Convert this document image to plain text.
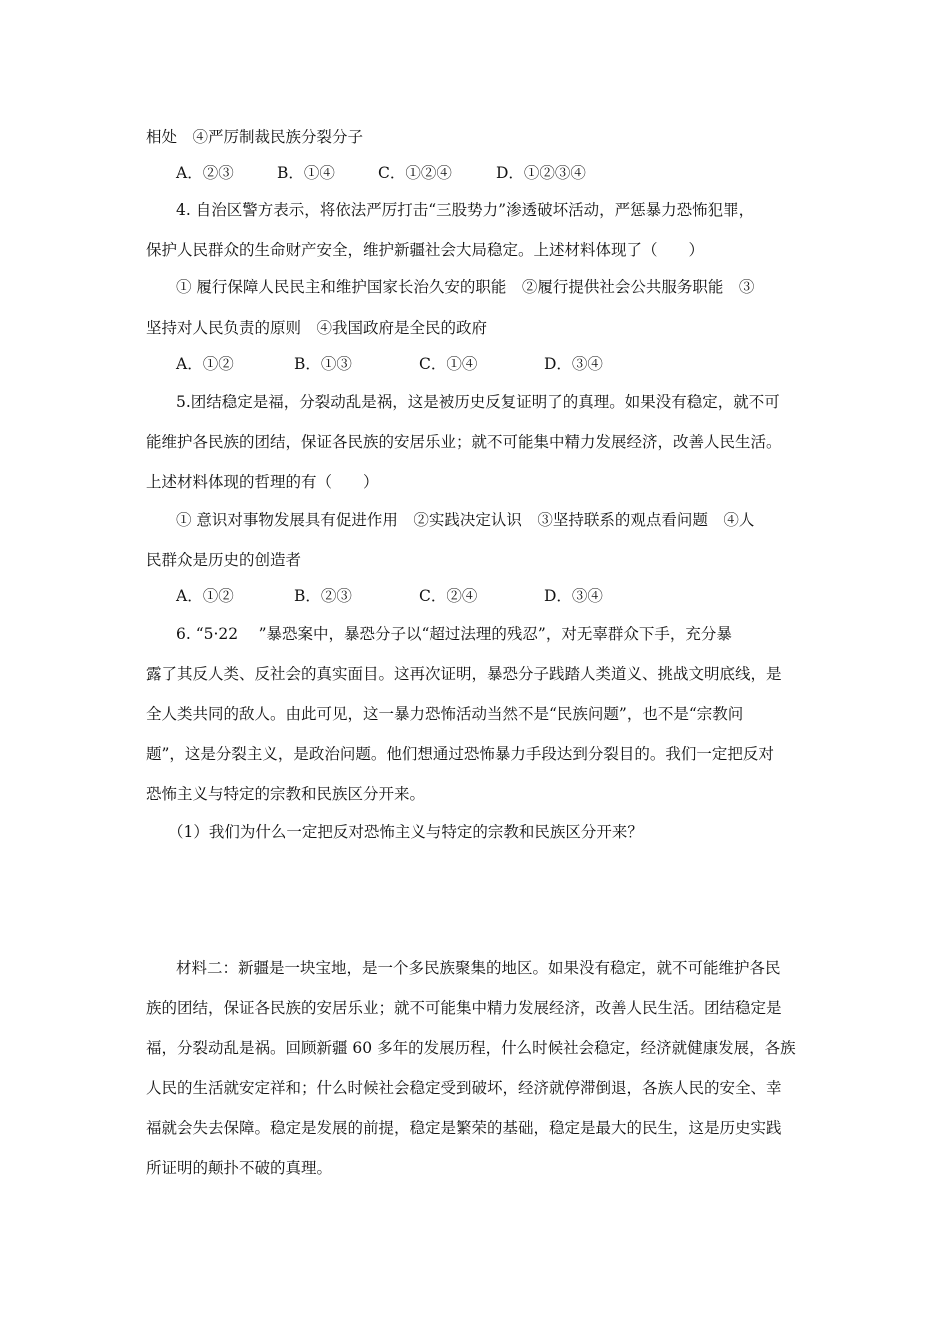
相处　④严厉制裁民族分裂分子
A．②③	B．①④	C．①②④	D．①②③④
4. 自治区警方表示，将依法严厉打击“三股势力”渗透破坏活动，严惩暴力恐怖犯罪，
保护人民群众的生命财产安全，维护新疆社会大局稳定。上述材料体现了（　　）
① 履行保障人民民主和维护国家长治久安的职能　②履行提供社会公共服务职能　③
坚持对人民负责的原则　④我国政府是全民的政府
A．①②	B．①③	C．①④	D．③④
5.团结稳定是福，分裂动乱是祸，这是被历史反复证明了的真理。如果没有稳定，就不可
能维护各民族的团结，保证各民族的安居乐业；就不可能集中精力发展经济，改善人民生活。
上述材料体现的哲理的有（　　）
① 意识对事物发展具有促进作用　②实践决定认识　③坚持联系的观点看问题　④人
民群众是历史的创造者
A．①②	B．②③	C．②④	D．③④
6. “5·22 　”暴恐案中，暴恐分子以“超过法理的残忍”，对无辜群众下手，充分暴
露了其反人类、反社会的真实面目。这再次证明，暴恐分子践踏人类道义、挑战文明底线，是
全人类共同的敌人。由此可见，这一暴力恐怖活动当然不是“民族问题”，也不是“宗教问
题”，这是分裂主义，是政治问题。他们想通过恐怖暴力手段达到分裂目的。我们一定把反对
恐怖主义与特定的宗教和民族区分开来。
（1）我们为什么一定把反对恐怖主义与特定的宗教和民族区分开来？
材料二：新疆是一块宝地，是一个多民族聚集的地区。如果没有稳定，就不可能维护各民
族的团结，保证各民族的安居乐业；就不可能集中精力发展经济，改善人民生活。团结稳定是
福，分裂动乱是祸。回顾新疆 60 多年的发展历程，什么时候社会稳定，经济就健康发展，各族
人民的生活就安定祥和；什么时候社会稳定受到破坏，经济就停滞倒退，各族人民的安全、幸
福就会失去保障。稳定是发展的前提，稳定是繁荣的基础，稳定是最大的民生，这是历史实践
所证明的颠扑不破的真理。
